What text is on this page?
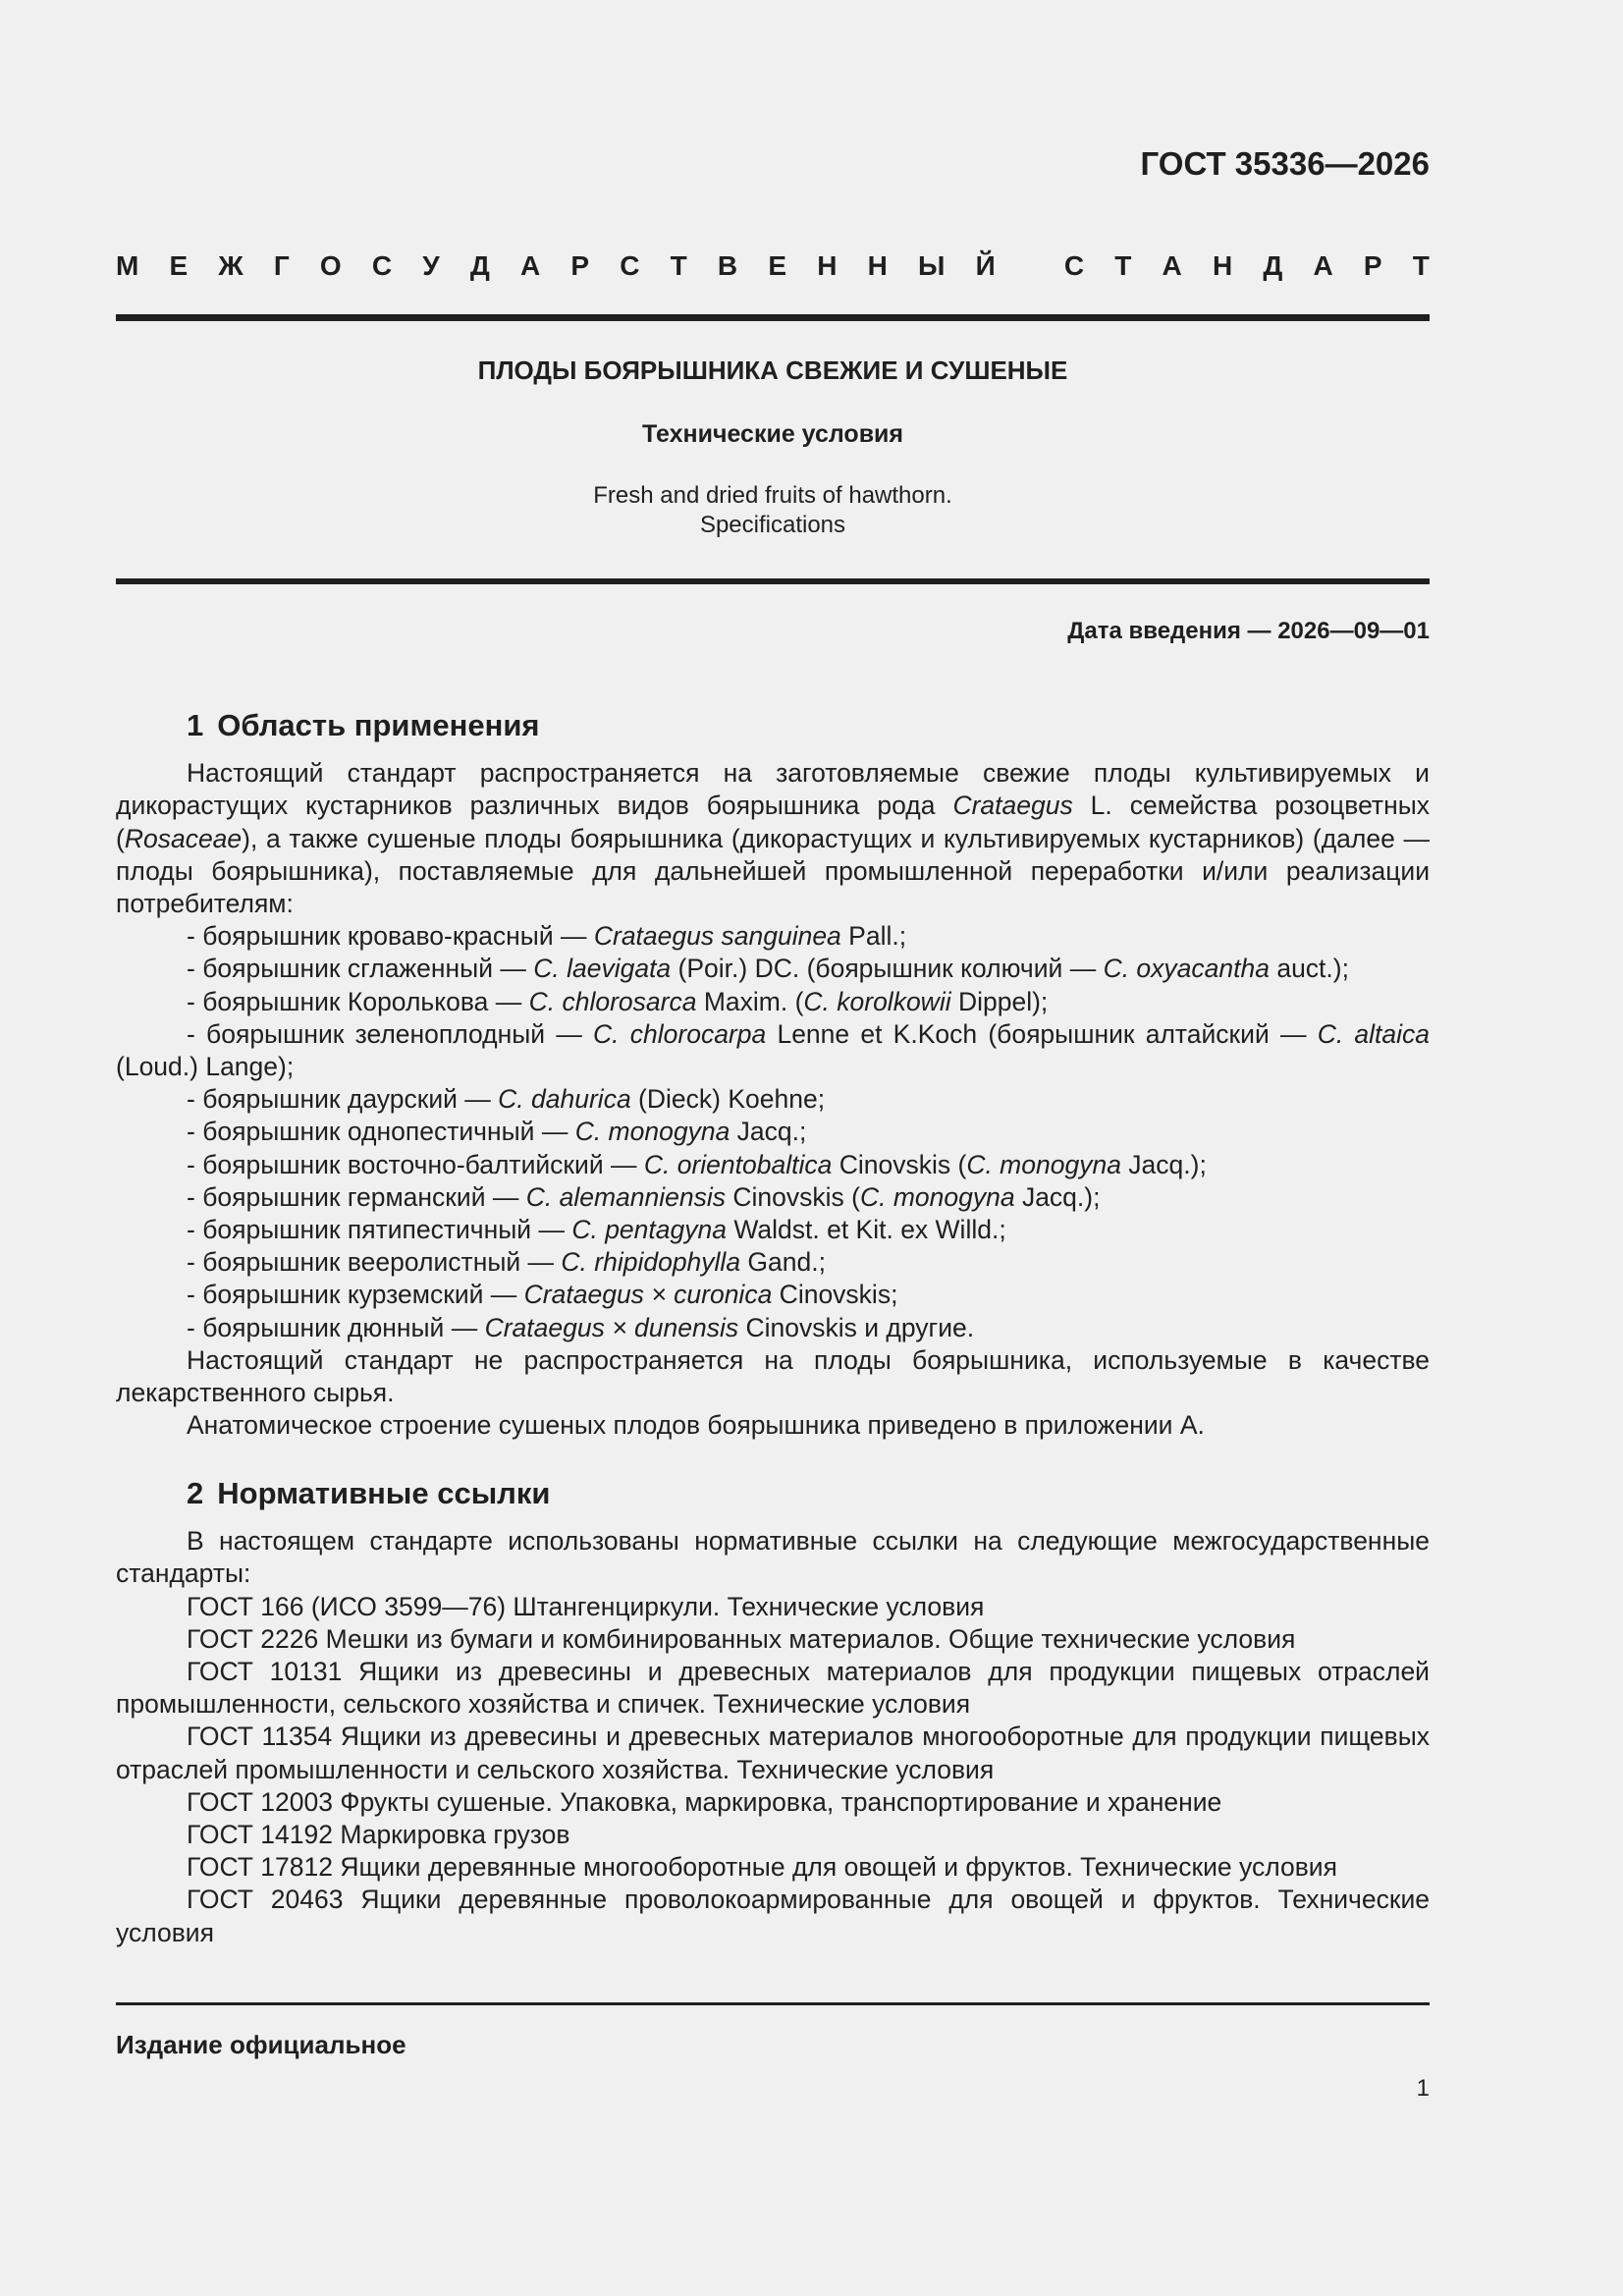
ГОСТ 35336—2026
М Е Ж Г О С У Д А Р С Т В Е Н Н Ы Й
	С Т А Н Д А Р Т
ПЛОДЫ БОЯРЫШНИКА СВЕЖИЕ И СУШЕНЫЕ
Технические условия
Fresh and dried fruits of hawthorn.
Specifications
Дата введения — 2026—09—01
1 Область применения

Настоящий стандарт распространяется на заготовляемые свежие плоды культивируемых и дикорастущих кустарников различных видов боярышника рода Crataegus L. семейства розоцветных (Rosaceae), а также сушеные плоды боярышника (дикорастущих и культивируемых кустарников) (далее — плоды боярышника), поставляемые для дальнейшей промышленной переработки и/или реализации потребителям:

- боярышник кроваво-красный — Crataegus sanguinea Pall.;

- боярышник сглаженный — C. laevigata (Poir.) DC. (боярышник колючий — C. oxyacantha auct.);

- боярышник Королькова — C. chlorosarca Maxim. (C. korolkowii Dippel);

- боярышник зеленоплодный — C. chlorocarpa Lenne et K.Koch (боярышник алтайский — C. altaica (Loud.) Lange);

- боярышник даурский — C. dahurica (Dieck) Koehne;

- боярышник однопестичный — C. monogyna Jacq.;

- боярышник восточно-балтийский — C. orientobaltica Cinovskis (C. monogyna Jacq.);

- боярышник германский — C. alemanniensis Cinovskis (C. monogyna Jacq.);

- боярышник пятипестичный — C. pentagyna Waldst. et Kit. ex Willd.;

- боярышник вееролистный — C. rhipidophylla Gand.;

- боярышник курземский — Crataegus × curonica Cinovskis;

- боярышник дюнный — Crataegus × dunensis Cinovskis и другие.

Настоящий стандарт не распространяется на плоды боярышника, используемые в качестве лекарственного сырья.

Анатомическое строение сушеных плодов боярышника приведено в приложении А.

2 Нормативные ссылки

В настоящем стандарте использованы нормативные ссылки на следующие межгосударственные стандарты:

ГОСТ 166 (ИСО 3599—76) Штангенциркули. Технические условия

ГОСТ 2226 Мешки из бумаги и комбинированных материалов. Общие технические условия

ГОСТ 10131 Ящики из древесины и древесных материалов для продукции пищевых отраслей промышленности, сельского хозяйства и спичек. Технические условия

ГОСТ 11354 Ящики из древесины и древесных материалов многооборотные для продукции пищевых отраслей промышленности и сельского хозяйства. Технические условия

ГОСТ 12003 Фрукты сушеные. Упаковка, маркировка, транспортирование и хранение

ГОСТ 14192 Маркировка грузов

ГОСТ 17812 Ящики деревянные многооборотные для овощей и фруктов. Технические условия

ГОСТ 20463 Ящики деревянные проволокоармированные для овощей и фруктов. Технические условия

Издание официальное
1
